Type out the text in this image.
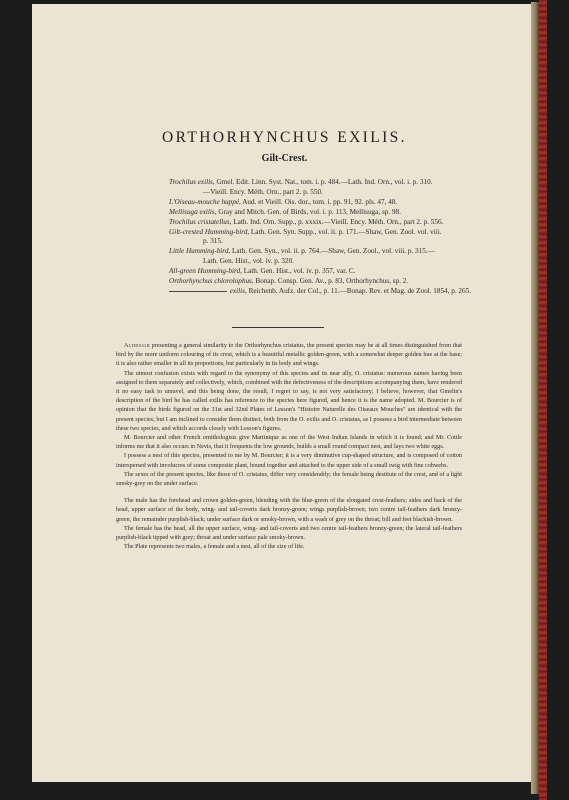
ORTHORHYNCHUS EXILIS.
Gilt-Crest.
Trochilus exilis, Gmel. Edit. Linn. Syst. Nat., tom. i. p. 484.—Lath. Ind. Orn., vol. i. p. 310.
—Vieill. Ency. Méth. Orn., part 2. p. 550.
L'Oiseau-mouche huppé, Aud. et Vieill. Ois. dor., tom. i. pp. 91, 92. pls. 47, 48.
Mellisuga exilis, Gray and Mitch. Gen. of Birds, vol. i. p. 113, Mellisuga, sp. 98.
Trochilus cristatellus, Lath. Ind. Orn. Supp., p. xxxix.—Vieill. Ency. Méth. Orn., part 2. p. 556.
Gilt-crested Humming-bird, Lath. Gen. Syn. Supp., vol. ii. p. 171.—Shaw, Gen. Zool. vol. viii.
p. 315.
Little Humming-bird, Lath. Gen. Syn., vol. ii. p. 764.—Shaw, Gen. Zool., vol. viii. p. 315.—
Lath. Gen. Hist., vol. iv. p. 320.
All-green Humming-bird, Lath. Gen. Hist., vol. iv. p. 357, var. C.
Orthorhynchus chlorolophus, Bonap. Consp. Gen. Av., p. 83, Orthorhynchus, sp. 2.
exilis, Reichenb. Aufz. der Col., p. 11.—Bonap. Rev. et Mag. de Zool. 1854, p. 265.

Although presenting a general similarity to the Orthorhynchus cristatus, the present species may be at all times distinguished from that bird by the more uniform colouring of its crest, which is a beautiful metallic golden-green, with a somewhat deeper golden hue at the base; it is also rather smaller in all its proportions, but particularly in its body and wings.

The utmost confusion exists with regard to the synonymy of this species and its near ally, O. cristatus: numerous names having been assigned to them separately and collectively, which, combined with the defectiveness of the descriptions accompanying them, have rendered it no easy task to unravel, and this being done, the result, I regret to say, is not very satisfactory; I believe, however, that Gmelin's description of the bird he has called exilis has reference to the species here figured, and hence it is the name adopted. M. Bourcier is of opinion that the birds figured on the 31st and 32nd Plates of Lesson's "Histoire Naturelle des Oiseaux Mouches" are identical with the present species; but I am inclined to consider them distinct, both from the O. exilis and O. cristatus, as I possess a bird intermediate between these two species, and which accords closely with Lesson's figures.

M. Bourcier and other French ornithologists give Martinique as one of the West Indian Islands in which it is found; and Mr. Cottle informs me that it also occurs in Nevis, that it frequents the low grounds, builds a small round compact nest, and lays two white eggs.

I possess a nest of this species, presented to me by M. Bourcier; it is a very diminutive cup-shaped structure, and is composed of cotton interspersed with involucres of some composite plant, bound together and attached to the upper side of a small twig with fine cobwebs.

The sexes of the present species, like those of O. cristatus, differ very considerably; the female being destitute of the crest, and of a light smoky-grey on the under surface.

The male has the forehead and crown golden-green, blending with the blue-green of the elongated crest-feathers; sides and back of the head, upper surface of the body, wing- and tail-coverts dark bronzy-green; wings purplish-brown; two centre tail-feathers dark bronzy-green, the remainder purplish-black; under surface dark or smoky-brown, with a wash of grey on the throat; bill and feet blackish-brown.

The female has the head, all the upper surface, wing- and tail-coverts and two centre tail-feathers bronzy-green; the lateral tail-feathers purplish-black tipped with grey; throat and under surface pale smoky-brown.

The Plate represents two males, a female and a nest, all of the size of life.
